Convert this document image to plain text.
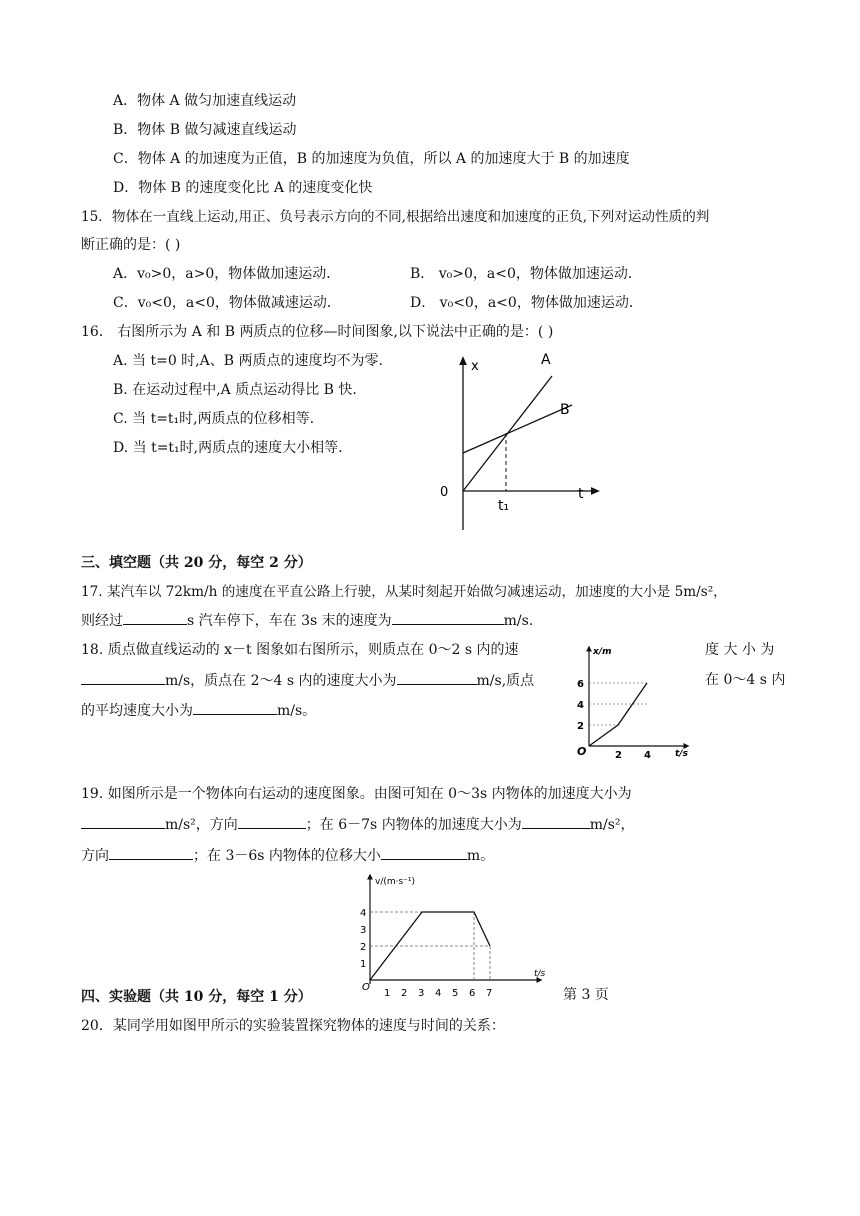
A．物体 A 做匀加速直线运动
B．物体 B 做匀减速直线运动
C．物体 A 的加速度为正值，B 的加速度为负值，所以 A 的加速度大于 B 的加速度
D．物体 B 的速度变化比 A 的速度变化快
15．物体在一直线上运动,用正、负号表示方向的不同,根据给出速度和加速度的正负,下列对运动性质的判
断正确的是：( )
A．v₀>0，a>0，物体做加速运动．	B． v₀>0，a<0，物体做加速运动．
C．v₀<0，a<0，物体做减速运动．	D． v₀<0，a<0，物体做加速运动．
16． 右图所示为 A 和 B 两质点的位移—时间图象,以下说法中正确的是：( )
A. 当 t=0 时,A、B 两质点的速度均不为零.
B. 在运动过程中,A 质点运动得比 B 快.
C. 当 t=t₁时,两质点的位移相等.
D. 当 t=t₁时,两质点的速度大小相等.
x
t
0
t₁
A
B
三、填空题（共 20 分，每空 2 分）
17. 某汽车以 72km/h 的速度在平直公路上行驶，从某时刻起开始做匀减速运动，加速度的大小是 5m/s²，
则经过	s 汽车停下，车在 3s 末的速度为	m/s.
18. 质点做直线运动的 x－t 图象如右图所示，则质点在 0～2 s 内的速	度 大 小 为
m/s，质点在 2～4 s 内的速度大小为	m/s,质点	在 0～4 s 内
的平均速度大小为	m/s。
x/m
t/s
O
2
4
6
2 4
19. 如图所示是一个物体向右运动的速度图象。由图可知在 0～3s 内物体的加速度大小为
m/s²，方向	；在 6－7s 内物体的加速度大小为	m/s²，
方向	；在 3－6s 内物体的位移大小	m。
v/(m·s⁻¹)
t/s
O
1
2
3
4
1 2 3 4 5 6 7
四、实验题（共 10 分，每空 1 分）	第 3 页
20．某同学用如图甲所示的实验装置探究物体的速度与时间的关系：
